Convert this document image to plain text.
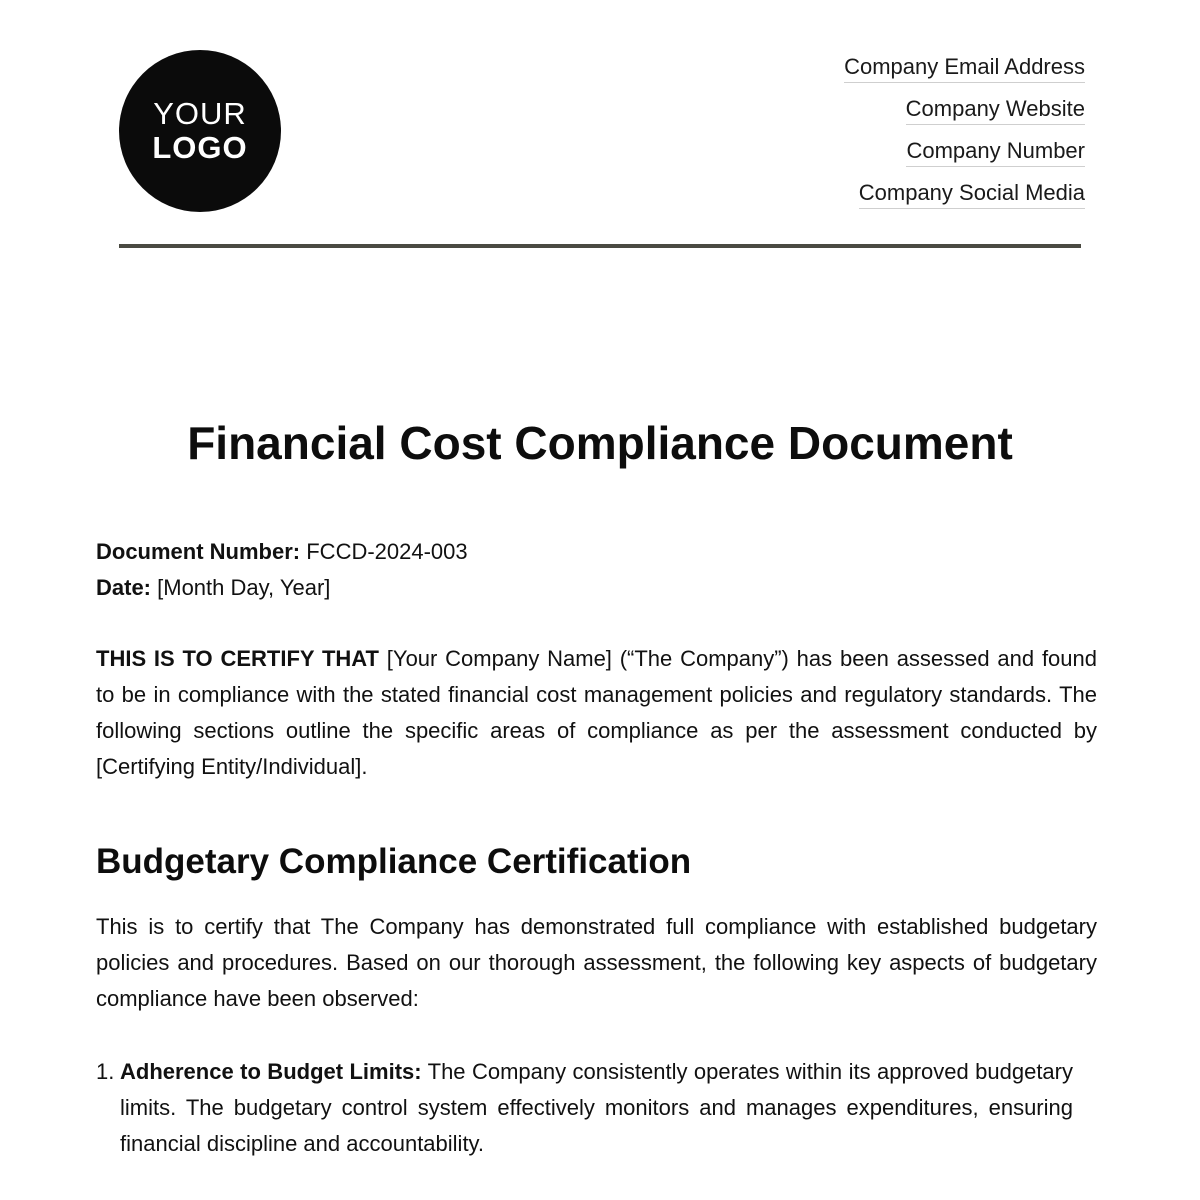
YOUR
LOGO
Company Email Address
Company Website
Company Number
Company Social Media
Financial Cost Compliance Document
Document Number: FCCD-2024-003
Date: [Month Day, Year]

THIS IS TO CERTIFY THAT [Your Company Name] (“The Company”) has been assessed and found to be in compliance with the stated financial cost management policies and regulatory standards. The following sections outline the specific areas of compliance as per the assessment conducted by [Certifying Entity/Individual].

Budgetary Compliance Certification

This is to certify that The Company has demonstrated full compliance with established budgetary policies and procedures. Based on our thorough assessment, the following key aspects of budgetary compliance have been observed:

1. Adherence to Budget Limits: The Company consistently operates within its approved budgetary limits. The budgetary control system effectively monitors and manages expenditures, ensuring financial discipline and accountability.
